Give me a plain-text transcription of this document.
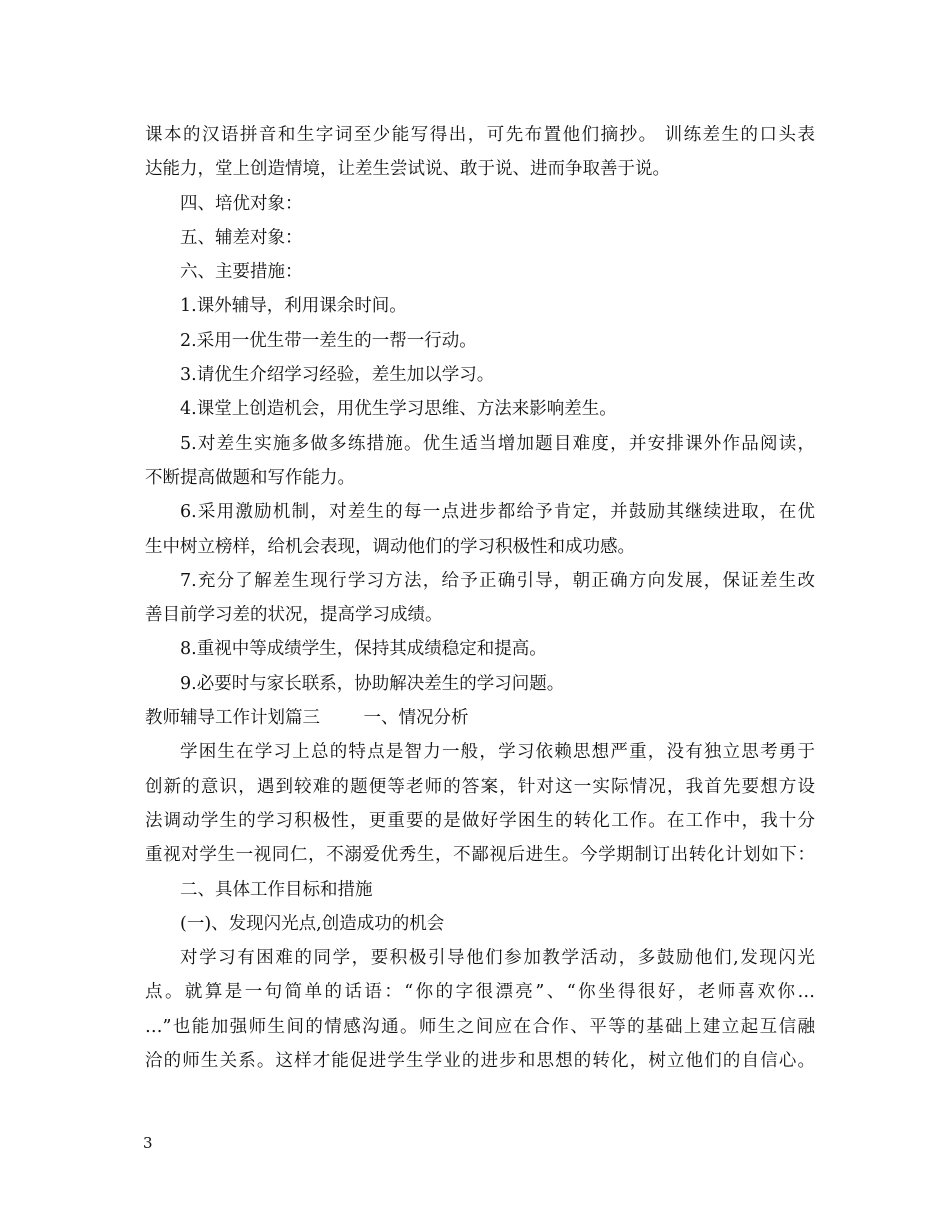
课本的汉语拼音和生字词至少能写得出，可先布置他们摘抄。 训练差生的口头表

达能力，堂上创造情境，让差生尝试说、敢于说、进而争取善于说。

四、培优对象：

五、辅差对象：

六、主要措施：

1.课外辅导，利用课余时间。

2.采用一优生带一差生的一帮一行动。

3.请优生介绍学习经验，差生加以学习。

4.课堂上创造机会，用优生学习思维、方法来影响差生。

5.对差生实施多做多练措施。优生适当增加题目难度，并安排课外作品阅读，

不断提高做题和写作能力。

6.采用激励机制，对差生的每一点进步都给予肯定，并鼓励其继续进取，在优

生中树立榜样，给机会表现，调动他们的学习积极性和成功感。

7.充分了解差生现行学习方法，给予正确引导，朝正确方向发展，保证差生改

善目前学习差的状况，提高学习成绩。

8.重视中等成绩学生，保持其成绩稳定和提高。

9.必要时与家长联系，协助解决差生的学习问题。

教师辅导工作计划篇三 一、情况分析

学困生在学习上总的特点是智力一般，学习依赖思想严重，没有独立思考勇于

创新的意识，遇到较难的题便等老师的答案，针对这一实际情况，我首先要想方设

法调动学生的学习积极性，更重要的是做好学困生的转化工作。在工作中，我十分

重视对学生一视同仁，不溺爱优秀生，不鄙视后进生。今学期制订出转化计划如下：

二、具体工作目标和措施

(一)、发现闪光点,创造成功的机会

对学习有困难的同学，要积极引导他们参加教学活动，多鼓励他们,发现闪光

点。就算是一句简单的话语：“你的字很漂亮”、“你坐得很好，老师喜欢你…

…”也能加强师生间的情感沟通。师生之间应在合作、平等的基础上建立起互信融

洽的师生关系。这样才能促进学生学业的进步和思想的转化，树立他们的自信心。

3
